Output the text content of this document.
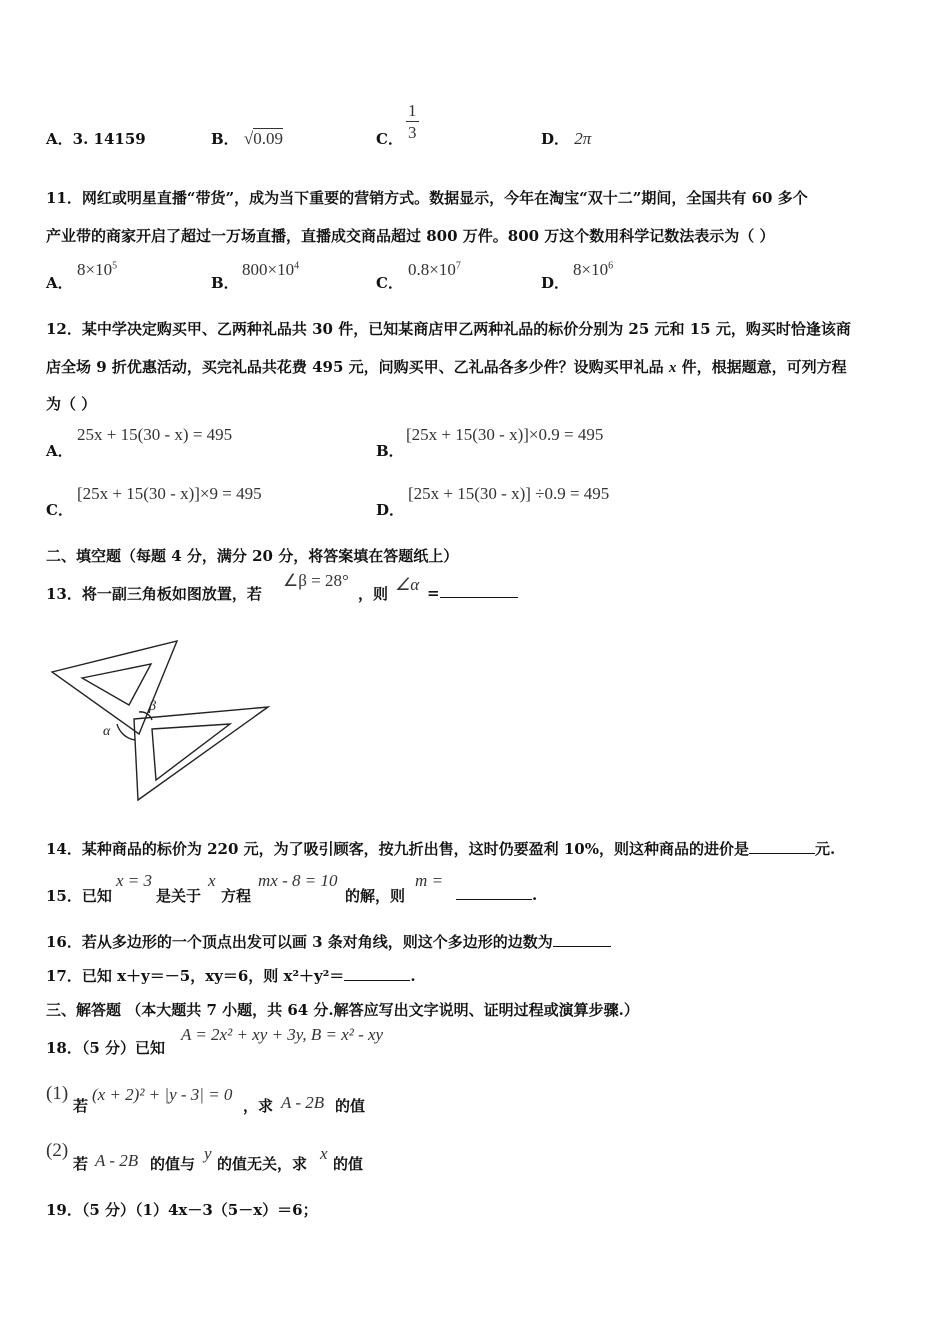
A．3. 14159	B． √0.09	C． $\frac{1}{3}$	D． 2π
11．网红或明星直播“带货”，成为当下重要的营销方式。数据显示，今年在淘宝“双十二”期间，全国共有 60 多个
产业带的商家开启了超过一万场直播，直播成交商品超过 800 万件。800 万这个数用科学记数法表示为（ ）
A．
$8\times 10^5$
B．
$800\times 10^4$
C．
$0.8\times 10^7$
D．
$8\times 10^6$
12．某中学决定购买甲、乙两种礼品共 30 件，已知某商店甲乙两种礼品的标价分别为 25 元和 15 元，购买时恰逢该商
店全场 9 折优惠活动，买完礼品共花费 495 元，问购买甲、乙礼品各多少件？设购买甲礼品 x 件，根据题意，可列方程
为（ ）
A．
25x + 15(30 - x) = 495
B．
[25x + 15(30 - x)]×0.9 = 495
C．
[25x + 15(30 - x)]×9 = 495
D．
[25x + 15(30 - x)] ÷0.9 = 495
二、填空题（每题 4 分，满分 20 分，将答案填在答题纸上）
13．将一副三角板如图放置，若
∠β = 28°
，则 ∠α =
β
α
14．某种商品的标价为 220 元，为了吸引顾客，按九折出售，这时仍要盈利 10%，则这种商品的进价是	元.
15．已知
x = 3
是关于
x
方程
mx - 8 = 10
的解，则
m =
.
16．若从多边形的一个顶点出发可以画 3 条对角线，则这个多边形的边数为
17．已知 x＋y＝－5，xy＝6，则 x²＋y²＝	.
三、解答题 （本大题共 7 小题，共 64 分.解答应写出文字说明、证明过程或演算步骤.）
18．（5 分）已知
A = 2x² + xy + 3y, B = x² - xy
(1)
若
(x + 2)² + |y - 3| = 0
，求 A - 2B 的值
(2)
若 A - 2B 的值与
y
的值无关，求
x
的值
19．（5 分）（1）4x－3（5－x）＝6；
